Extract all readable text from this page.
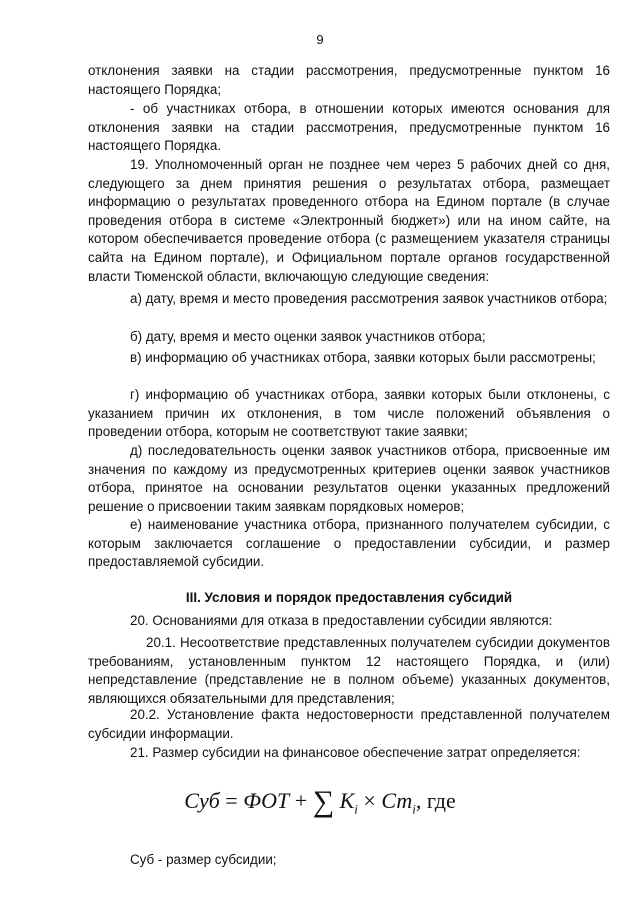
9

отклонения заявки на стадии рассмотрения, предусмотренные пунктом 16 настоящего Порядка;

- об участниках отбора, в отношении которых имеются основания для отклонения заявки на стадии рассмотрения, предусмотренные пунктом 16 настоящего Порядка.

19. Уполномоченный орган не позднее чем через 5 рабочих дней со дня, следующего за днем принятия решения о результатах отбора, размещает информацию о результатах проведенного отбора на Едином портале (в случае проведения отбора в системе «Электронный бюджет») или на ином сайте, на котором обеспечивается проведение отбора (с размещением указателя страницы сайта на Едином портале), и Официальном портале органов государственной власти Тюменской области, включающую следующие сведения:

а) дату, время и место проведения рассмотрения заявок участников отбора;

б) дату, время и место оценки заявок участников отбора;

в) информацию об участниках отбора, заявки которых были рассмотрены;

г) информацию об участниках отбора, заявки которых были отклонены, с указанием причин их отклонения, в том числе положений объявления о проведении отбора, которым не соответствуют такие заявки;

д) последовательность оценки заявок участников отбора, присвоенные им значения по каждому из предусмотренных критериев оценки заявок участников отбора, принятое на основании результатов оценки указанных предложений решение о присвоении таким заявкам порядковых номеров;

е) наименование участника отбора, признанного получателем субсидии, с которым заключается соглашение о предоставлении субсидии, и размер предоставляемой субсидии.

III. Условия и порядок предоставления субсидий

20. Основаниями для отказа в предоставлении субсидии являются:

20.1. Несоответствие представленных получателем субсидии документов требованиям, установленным пунктом 12 настоящего Порядка, и (или) непредставление (представление не в полном объеме) указанных документов, являющихся обязательными для представления;

20.2. Установление факта недостоверности представленной получателем субсидии информации.

21. Размер субсидии на финансовое обеспечение затрат определяется:

Суб = ФОТ + ∑ $K_i \times Ст_i$, где

Суб - размер субсидии;
